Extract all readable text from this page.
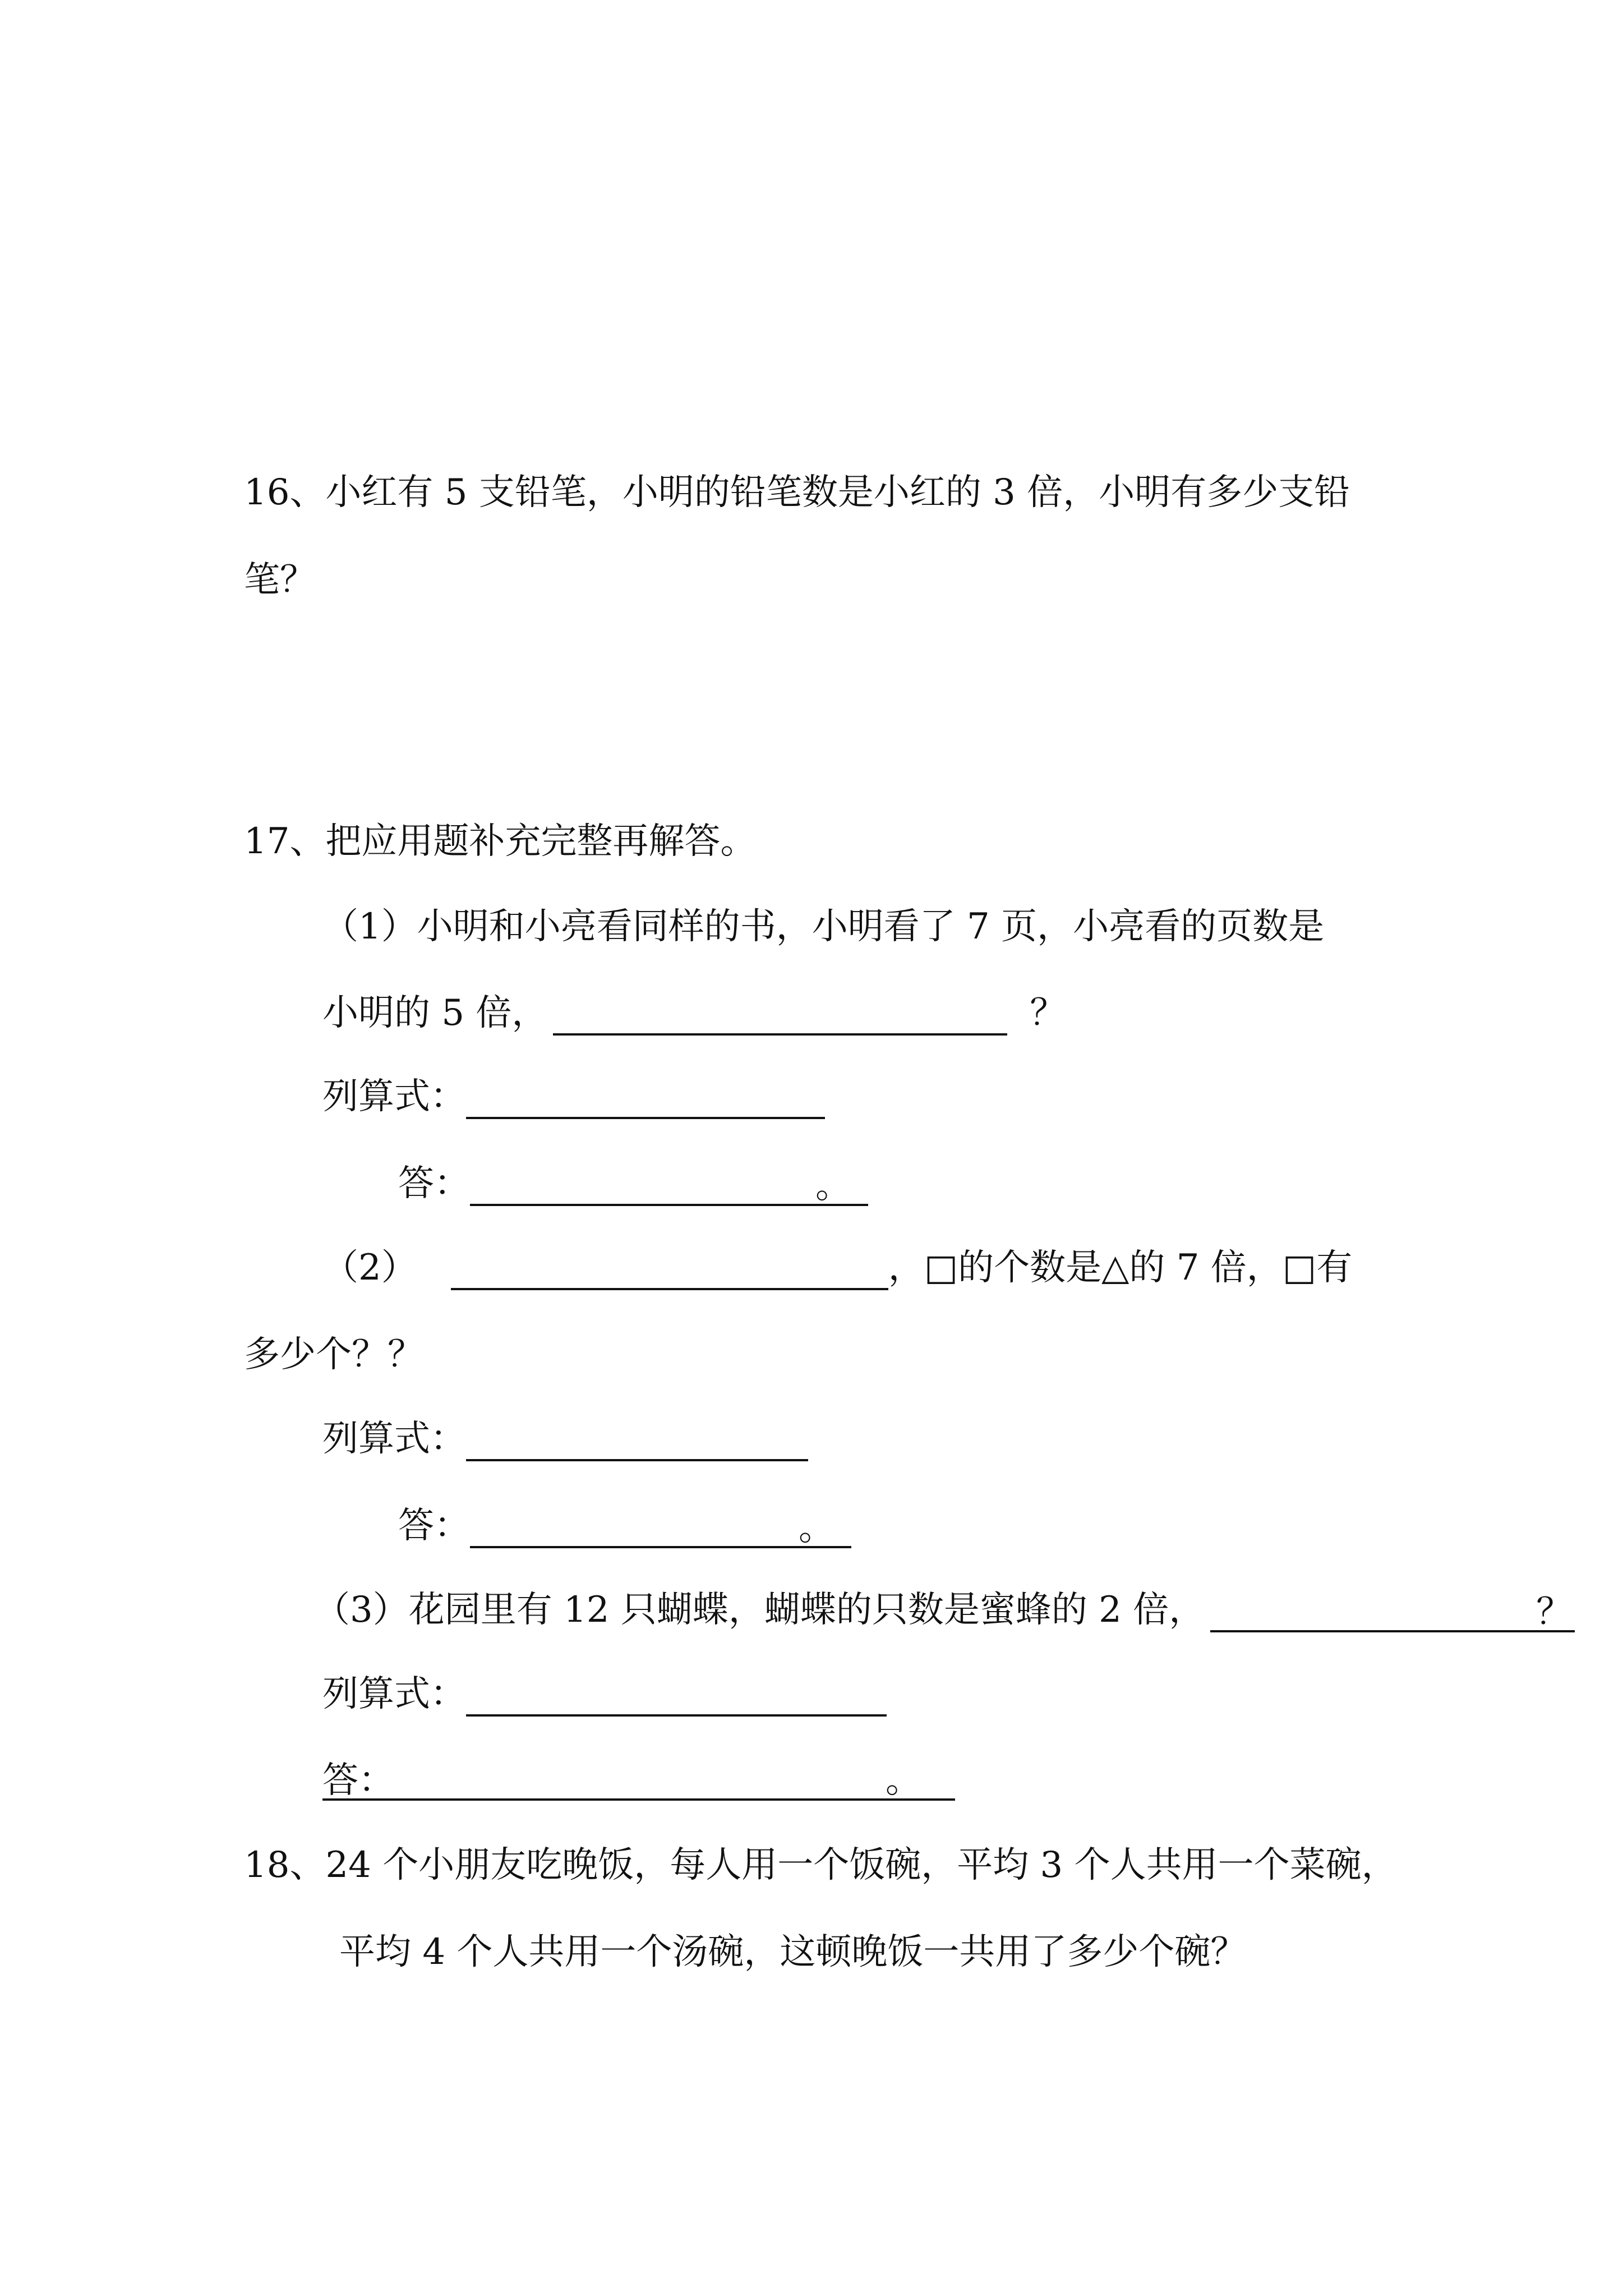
16、小红有 5 支铅笔，小明的铅笔数是小红的 3 倍，小明有多少支铅
笔？
17、把应用题补充完整再解答。
（1）小明和小亮看同样的书，小明看了 7 页，小亮看的页数是
小明的 5 倍，	？
列算式：
答：	。
（2）	，□的个数是△的 7 倍，□有
多少个？？
列算式：
答：	。
（3）花园里有 12 只蝴蝶，蝴蝶的只数是蜜蜂的 2 倍，	？
列算式：
答：	。
18、24 个小朋友吃晚饭，每人用一个饭碗，平均 3 个人共用一个菜碗，
平均 4 个人共用一个汤碗，这顿晚饭一共用了多少个碗？
